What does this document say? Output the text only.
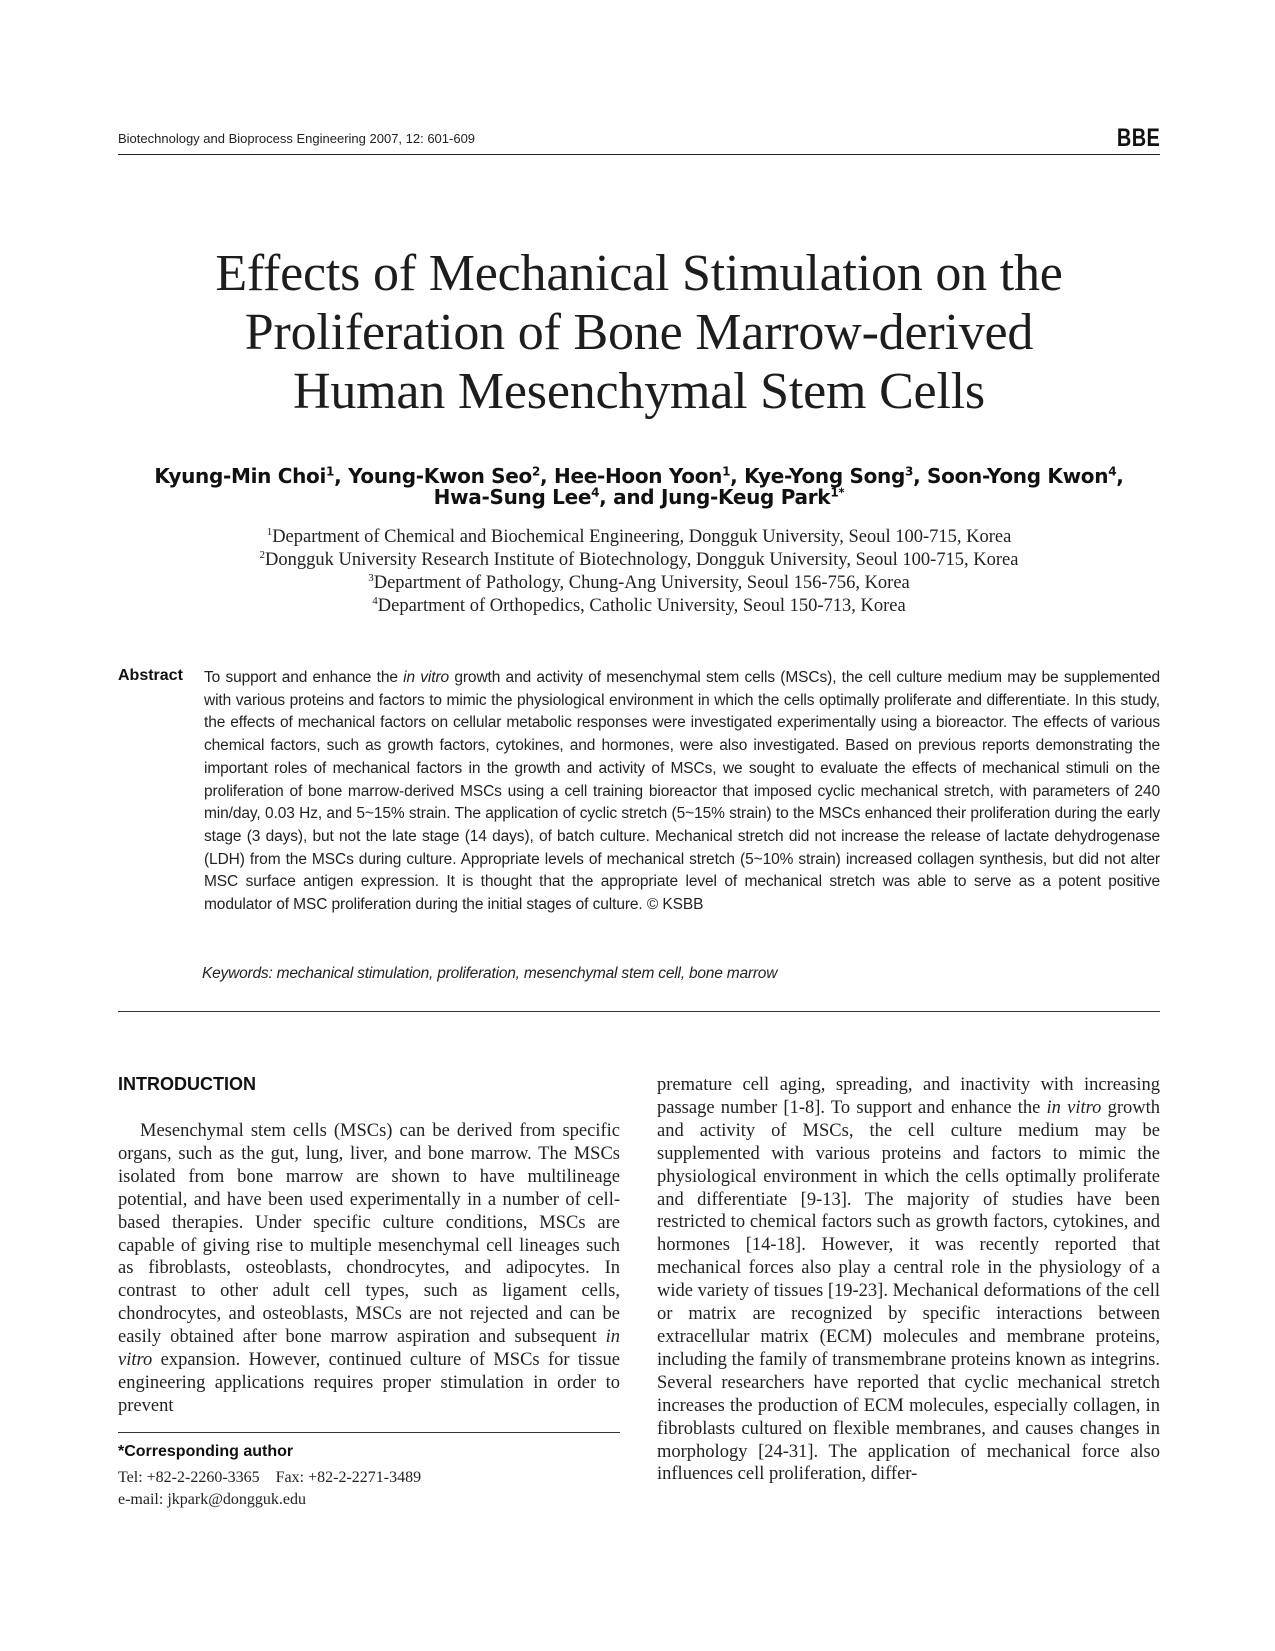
Biotechnology and Bioprocess Engineering 2007, 12: 601-609	BBE
Effects of Mechanical Stimulation on the
Proliferation of Bone Marrow-derived
Human Mesenchymal Stem Cells
Kyung-Min Choi$^1$, Young-Kwon Seo$^2$, Hee-Hoon Yoon$^1$, Kye-Yong Song$^3$, Soon-Yong Kwon$^4$,
Hwa-Sung Lee$^4$, and Jung-Keug Park$^{1*}$
$^1$Department of Chemical and Biochemical Engineering, Dongguk University, Seoul 100-715, Korea
$^2$Dongguk University Research Institute of Biotechnology, Dongguk University, Seoul 100-715, Korea
$^3$Department of Pathology, Chung-Ang University, Seoul 156-756, Korea
$^4$Department of Orthopedics, Catholic University, Seoul 150-713, Korea
Abstract To support and enhance the in vitro growth and activity of mesenchymal stem cells (MSCs), the cell culture medium may be supplemented with various proteins and factors to mimic the physiological environment in which the cells optimally proliferate and differentiate. In this study, the effects of mechanical factors on cellular metabolic responses were investigated experimentally using a bioreactor. The effects of various chemical factors, such as growth factors, cytokines, and hormones, were also investigated. Based on previous reports demonstrating the important roles of mechanical factors in the growth and activity of MSCs, we sought to evaluate the effects of mechanical stimuli on the proliferation of bone marrow-derived MSCs using a cell training bioreactor that imposed cyclic mechanical stretch, with parameters of 240 min/day, 0.03 Hz, and 5~15% strain. The application of cyclic stretch (5~15% strain) to the MSCs enhanced their proliferation during the early stage (3 days), but not the late stage (14 days), of batch culture. Mechanical stretch did not increase the release of lactate dehydrogenase (LDH) from the MSCs during culture. Appropriate levels of mechanical stretch (5~10% strain) increased collagen synthesis, but did not alter MSC surface antigen expression. It is thought that the appropriate level of mechanical stretch was able to serve as a potent positive modulator of MSC proliferation during the initial stages of culture. © KSBB
Keywords: mechanical stimulation, proliferation, mesenchymal stem cell, bone marrow
INTRODUCTION

Mesenchymal stem cells (MSCs) can be derived from specific organs, such as the gut, lung, liver, and bone marrow. The MSCs isolated from bone marrow are shown to have multilineage potential, and have been used experimentally in a number of cell-based therapies. Under specific culture conditions, MSCs are capable of giving rise to multiple mesenchymal cell lineages such as fibroblasts, osteoblasts, chondrocytes, and adipocytes. In contrast to other adult cell types, such as ligament cells, chondrocytes, and osteoblasts, MSCs are not rejected and can be easily obtained after bone marrow aspiration and subsequent in vitro expansion. However, continued culture of MSCs for tissue engineering applications requires proper stimulation in order to prevent

premature cell aging, spreading, and inactivity with increasing passage number [1-8]. To support and enhance the in vitro growth and activity of MSCs, the cell culture medium may be supplemented with various proteins and factors to mimic the physiological environment in which the cells optimally proliferate and differentiate [9-13]. The majority of studies have been restricted to chemical factors such as growth factors, cytokines, and hormones [14-18]. However, it was recently reported that mechanical forces also play a central role in the physiology of a wide variety of tissues [19-23]. Mechanical deformations of the cell or matrix are recognized by specific interactions between extracellular matrix (ECM) molecules and membrane proteins, including the family of transmembrane proteins known as integrins. Several researchers have reported that cyclic mechanical stretch increases the production of ECM molecules, especially collagen, in fibroblasts cultured on flexible membranes, and causes changes in morphology [24-31]. The application of mechanical force also influences cell proliferation, differ-

*Corresponding author
Tel: +82-2-2260-3365    Fax: +82-2-2271-3489
e-mail: jkpark@dongguk.edu
